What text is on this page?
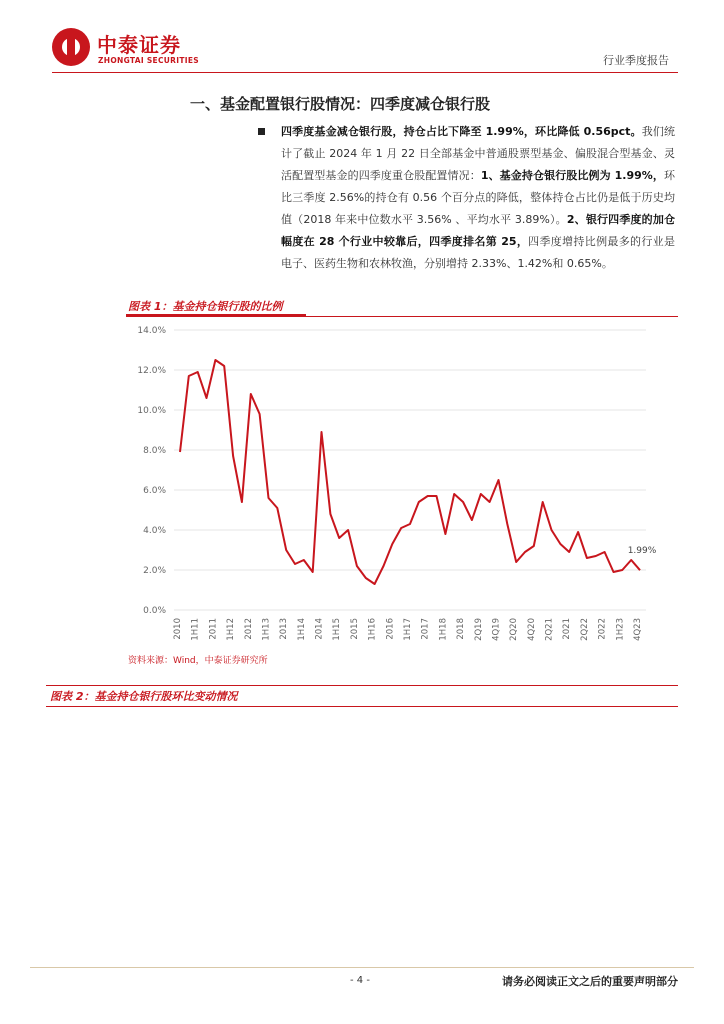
中泰证券
ZHONGTAI SECURITIES	行业季度报告
一、基金配置银行股情况：四季度减仓银行股
四季度基金减仓银行股，持仓占比下降至 1.99%，环比降低 0.56pct。我们统计了截止 2024 年 1 月 22 日全部基金中普通股票型基金、偏股混合型基金、灵活配置型基金的四季度重仓股配置情况：1、基金持仓银行股比例为 1.99%，环比三季度 2.56%的持仓有 0.56 个百分点的降低，整体持仓占比仍是低于历史均值（2018 年来中位数水平 3.56% 、平均水平 3.89%）。2、银行四季度的加仓幅度在 28 个行业中较靠后，四季度排名第 25，四季度增持比例最多的行业是电子、医药生物和农林牧渔，分别增持 2.33%、1.42%和 0.65%。
图表 1：基金持仓银行股的比例
0.0%
2.0%
4.0%
6.0%
8.0%
10.0%
12.0%
14.0%
2010 1H11 2011 1H12 2012 1H13 2013 1H14 2014 1H15 2015 1H16 2016 1H17 2017 1H18 2018 2Q19 4Q19 2Q20 4Q20 2Q21 2021 2Q22 2022 1H23 4Q23
1.99%
资料来源：Wind，中泰证券研究所
图表 2：基金持仓银行股环比变动情况
- 4 -	请务必阅读正文之后的重要声明部分
